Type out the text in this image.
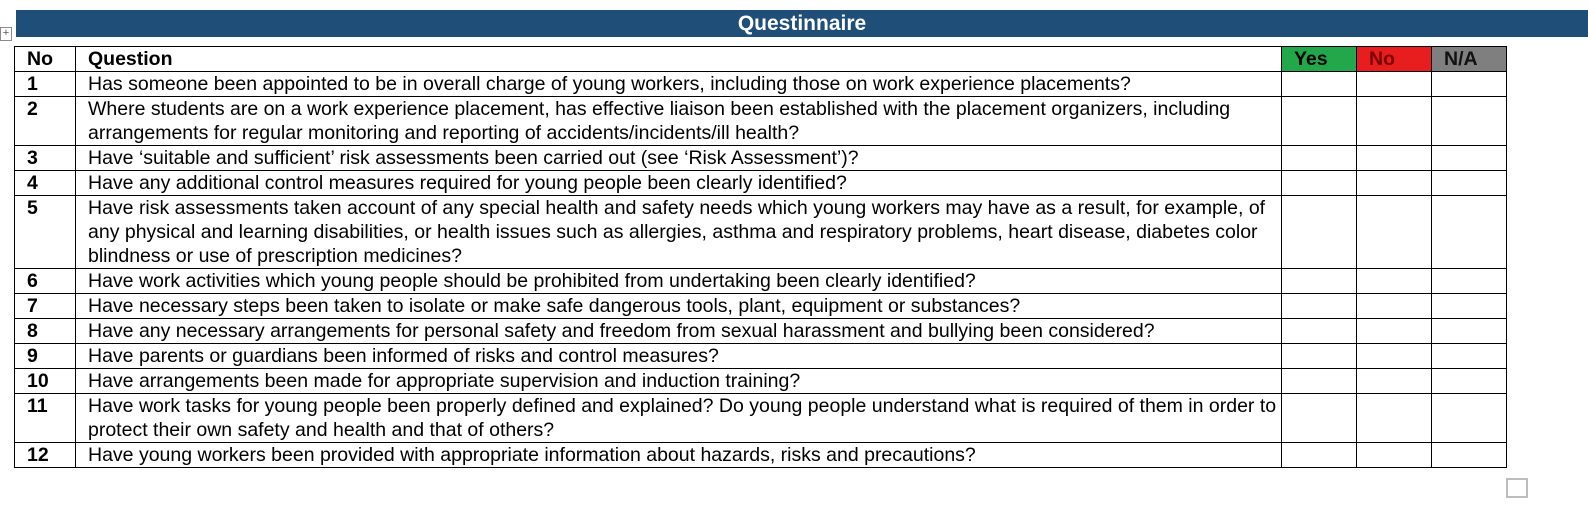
+	Questinnaire
No	Question	Yes	No	N/A
1	Has someone been appointed to be in overall charge of young workers, including those on work experience placements?			
2	Where students are on a work experience placement, has effective liaison been established with the placement organizers, including arrangements for regular monitoring and reporting of accidents/incidents/ill health?			
3	Have ‘suitable and sufficient’ risk assessments been carried out (see ‘Risk Assessment’)?			
4	Have any additional control measures required for young people been clearly identified?			
5	Have risk assessments taken account of any special health and safety needs which young workers may have as a result, for example, of any physical and learning disabilities, or health issues such as allergies, asthma and respiratory problems, heart disease, diabetes color blindness or use of prescription medicines?			
6	Have work activities which young people should be prohibited from undertaking been clearly identified?			
7	Have necessary steps been taken to isolate or make safe dangerous tools, plant, equipment or substances?			
8	Have any necessary arrangements for personal safety and freedom from sexual harassment and bullying been considered?			
9	Have parents or guardians been informed of risks and control measures?			
10	Have arrangements been made for appropriate supervision and induction training?			
11	Have work tasks for young people been properly defined and explained? Do young people understand what is required of them in order to protect their own safety and health and that of others?			
12	Have young workers been provided with appropriate information about hazards, risks and precautions?			
